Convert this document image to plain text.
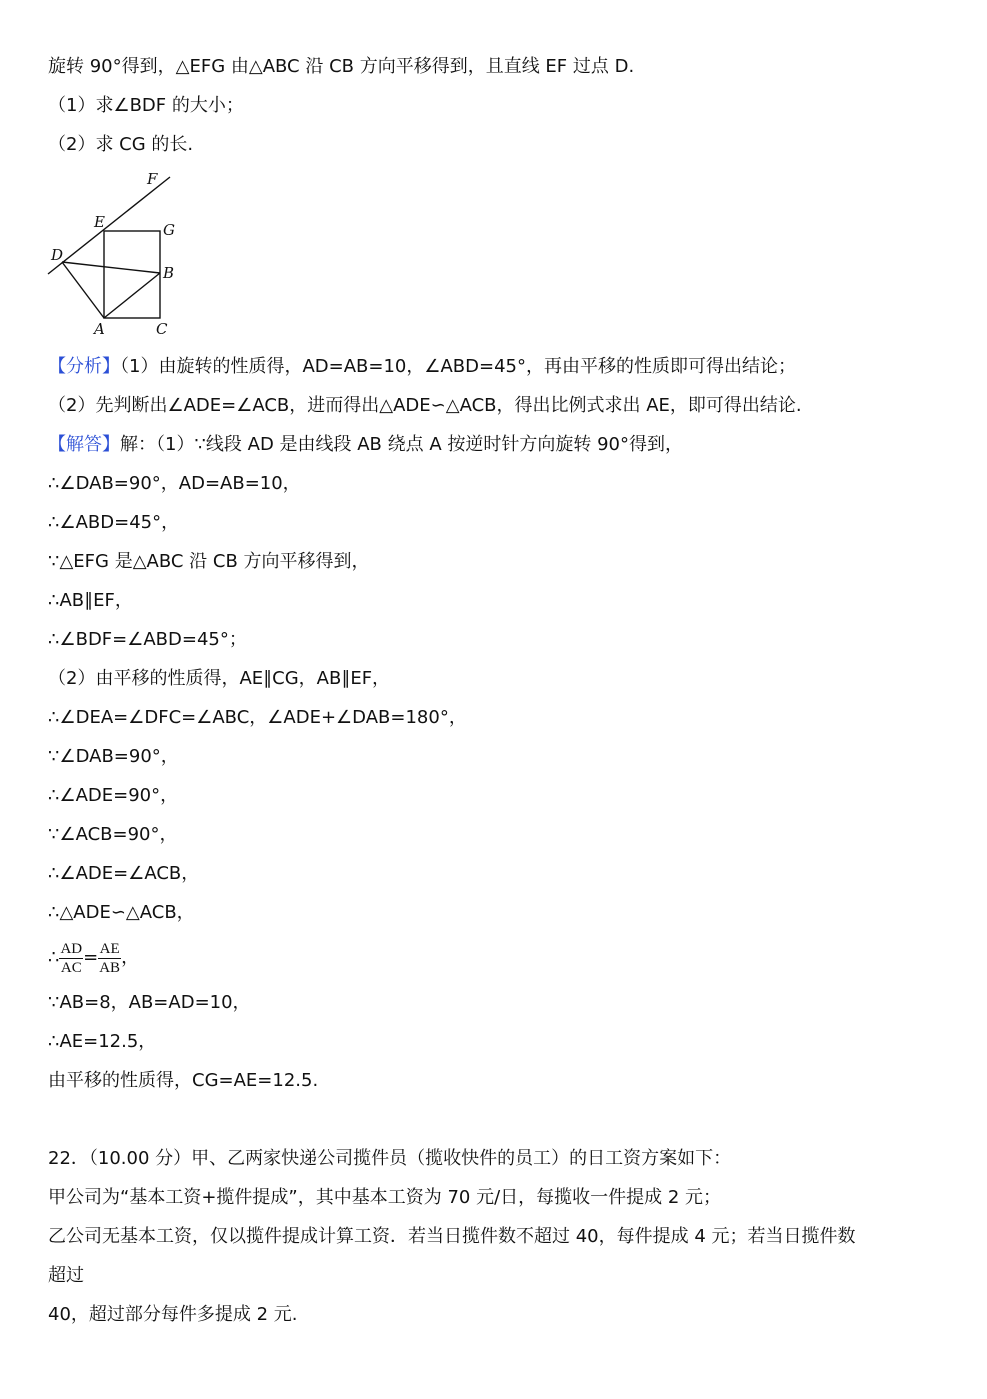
旋转 90°得到，△EFG 由△ABC 沿 CB 方向平移得到，且直线 EF 过点 D.
（1）求∠BDF 的大小；
（2）求 CG 的长.
F
E	G
D
B
A	C
【分析】（1）由旋转的性质得，AD=AB=10，∠ABD=45°，再由平移的性质即可得出结论；
（2）先判断出∠ADE=∠ACB，进而得出△ADE∽△ACB，得出比例式求出 AE，即可得出结论.
【解答】解：（1）∵线段 AD 是由线段 AB 绕点 A 按逆时针方向旋转 90°得到，
∴∠DAB=90°，AD=AB=10，
∴∠ABD=45°，
∵△EFG 是△ABC 沿 CB 方向平移得到，
∴AB∥EF，
∴∠BDF=∠ABD=45°；
（2）由平移的性质得，AE∥CG，AB∥EF，
∴∠DEA=∠DFC=∠ABC，∠ADE+∠DAB=180°，
∵∠DAB=90°，
∴∠ADE=90°，
∵∠ACB=90°，
∴∠ADE=∠ACB，
∴△ADE∽△ACB，
∴ $\frac{AD}{AC} = \frac{AE}{AB}$ ，
∵AB=8，AB=AD=10，
∴AE=12.5，
由平移的性质得，CG=AE=12.5.
22．（10.00 分）甲、乙两家快递公司揽件员（揽收快件的员工）的日工资方案如下：
甲公司为“基本工资+揽件提成”，其中基本工资为 70 元/日，每揽收一件提成 2 元；
乙公司无基本工资，仅以揽件提成计算工资．若当日揽件数不超过 40，每件提成 4 元；若当日揽件数
超过
40，超过部分每件多提成 2 元.
